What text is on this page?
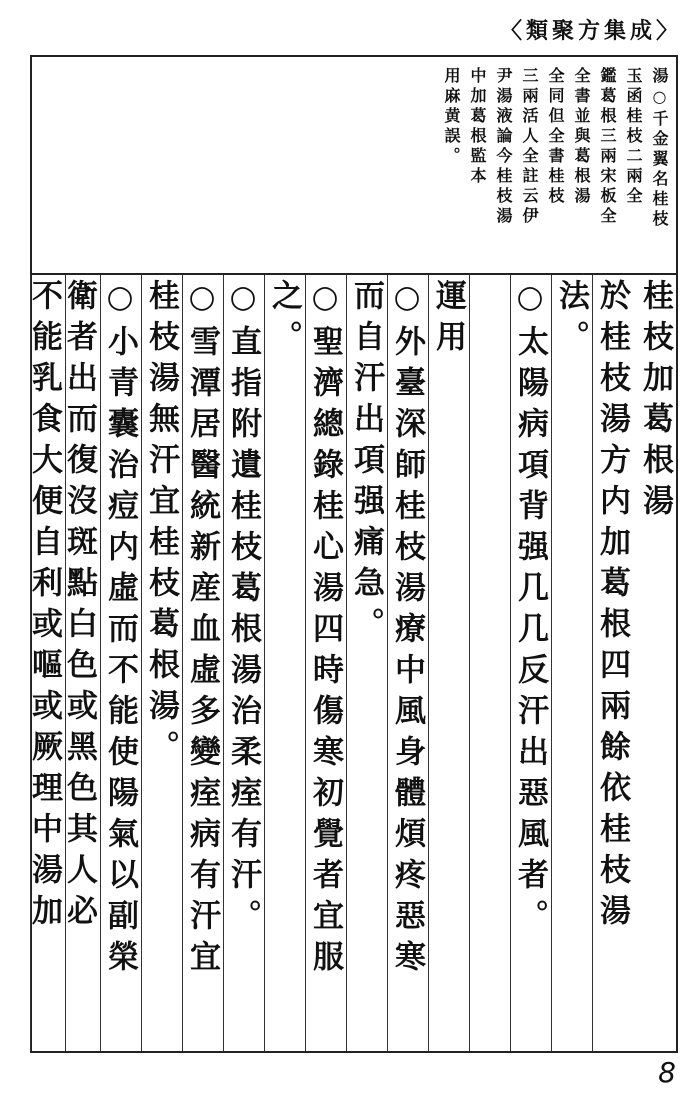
〈類聚方集成〉
湯○千金翼名桂枝
玉函桂枝二兩全
鑑葛根三兩宋板全
全書並與葛根湯
全同但全書桂枝
三兩活人全註云伊
尹湯液論今桂枝湯
中加葛根監本
用麻黄誤。
桂枝加葛根湯
於桂枝湯方内加葛根四兩餘依桂枝湯
法。
○太陽病項背强几几反汗出惡風者。
運用
○外臺深師桂枝湯療中風身體煩疼惡寒
而自汗出項强痛急。
○聖濟總錄桂心湯四時傷寒初覺者宜服
之。
○直指附遺桂枝葛根湯治柔痓有汗。
○雪潭居醫統新産血虛多變痓病有汗宜
桂枝湯無汗宜桂枝葛根湯。
○小青囊治痘内虛而不能使陽氣以副榮
衛者出而復沒斑點白色或黑色其人必
不能乳食大便自利或嘔或厥理中湯加
8
